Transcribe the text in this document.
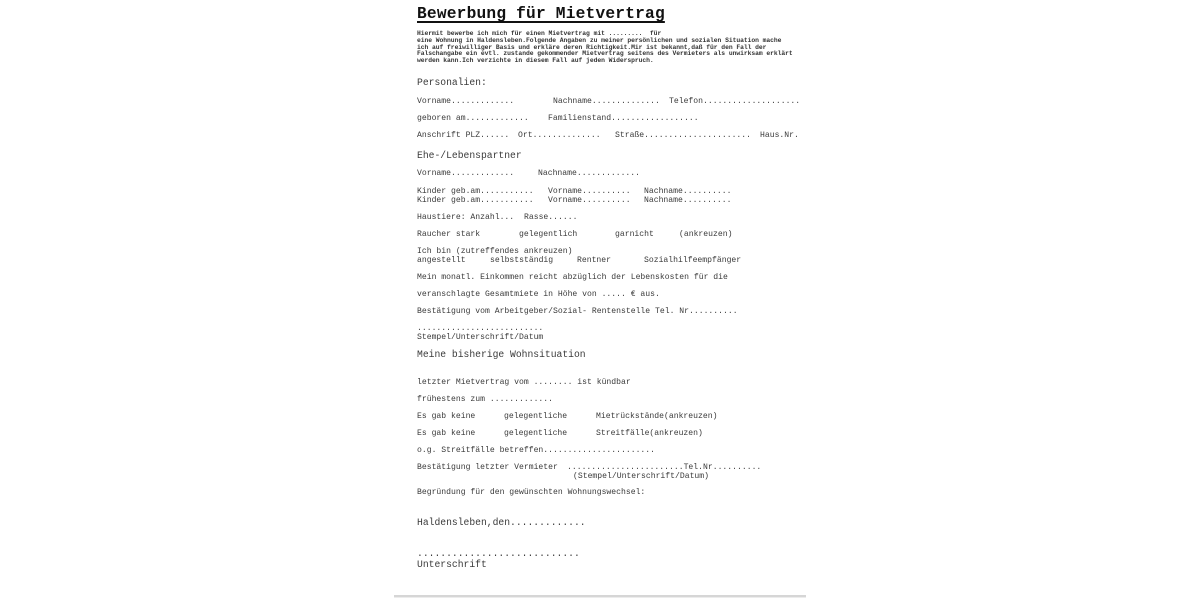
Bewerbung für Mietvertrag
Hiermit bewerbe ich mich für einen Mietvertrag mit .........  für
eine Wohnung in Haldensleben.Folgende Angaben zu meiner persönlichen und sozialen Situation mache
ich auf freiwilliger Basis und erkläre deren Richtigkeit.Mir ist bekannt,daß für den Fall der
Falschangabe ein evtl. zustande gekommender Mietvertrag seitens des Vermieters als unwirksam erklärt
werden kann.Ich verzichte in diesem Fall auf jeden Widerspruch.
Personalien:
Vorname.............	Nachname.............. Telefon....................
geboren am............. Familienstand..................
Anschrift PLZ...... Ort.............. Straße...................... Haus.Nr.
Ehe-/Lebenspartner
Vorname.............	Nachname.............
Kinder geb.am........... Vorname.......... Nachname..........
Kinder geb.am........... Vorname.......... Nachname..........
Haustiere: Anzahl... Rasse......
Raucher stark	gelegentlich	garnicht	(ankreuzen)
Ich bin (zutreffendes ankreuzen)
angestellt	selbstständig	Rentner	Sozialhilfeempfänger
Mein monatl. Einkommen reicht abzüglich der Lebenskosten für die
veranschlagte Gesamtmiete in Höhe von ..... € aus.
Bestätigung vom Arbeitgeber/Sozial- Rentenstelle Tel. Nr..........
..........................
Stempel/Unterschrift/Datum
Meine bisherige Wohnsituation
letzter Mietvertrag vom ........ ist kündbar
frühestens zum .............
Es gab keine	gelegentliche	Mietrückstände(ankreuzen)
Es gab keine	gelegentliche	Streitfälle(ankreuzen)
o.g. Streitfälle betreffen.......................
Bestätigung letzter Vermieter ........................Tel.Nr..........
(Stempel/Unterschrift/Datum)
Begründung für den gewünschten Wohnungswechsel:
Haldensleben,den.............
............................
Unterschrift
